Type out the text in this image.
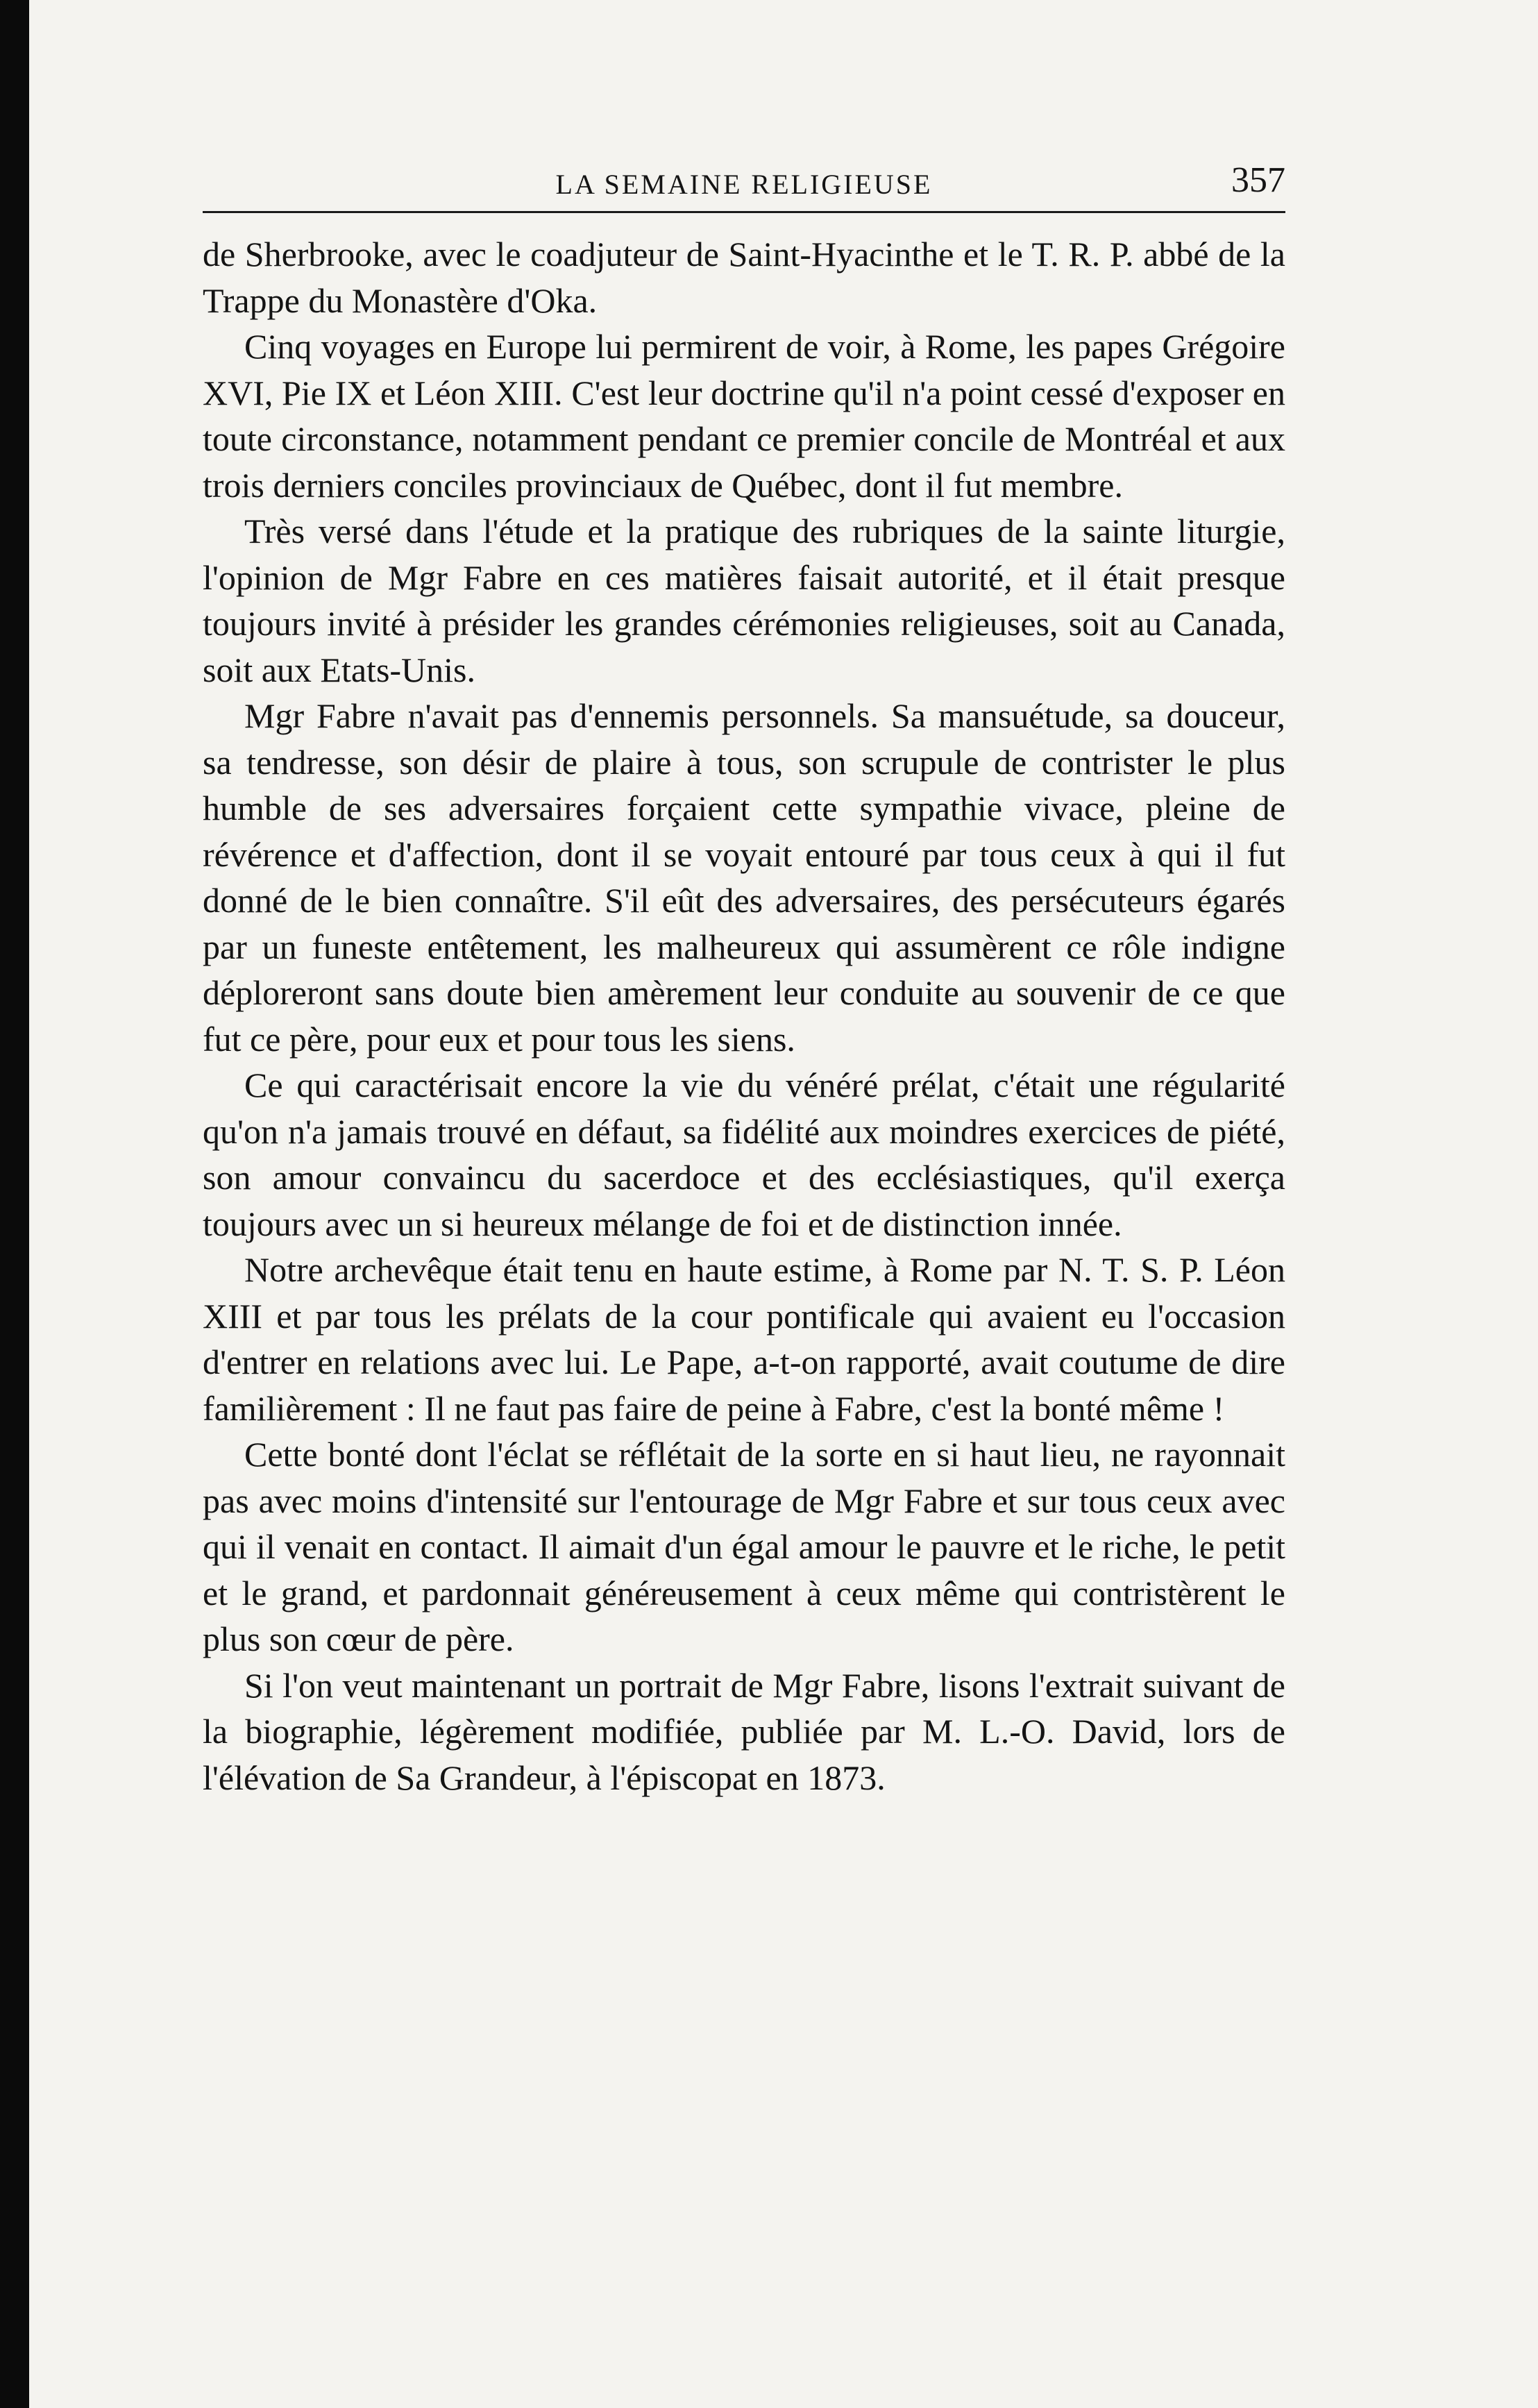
LA SEMAINE RELIGIEUSE	357

de Sherbrooke, avec le coadjuteur de Saint-Hyacinthe et le T. R. P. abbé de la Trappe du Monastère d'Oka.

Cinq voyages en Europe lui permirent de voir, à Rome, les papes Grégoire XVI, Pie IX et Léon XIII. C'est leur doctrine qu'il n'a point cessé d'exposer en toute circonstance, notamment pendant ce premier concile de Montréal et aux trois derniers conciles provinciaux de Québec, dont il fut membre.

Très versé dans l'étude et la pratique des rubriques de la sainte liturgie, l'opinion de Mgr Fabre en ces matières faisait autorité, et il était presque toujours invité à présider les grandes cérémonies religieuses, soit au Canada, soit aux Etats-Unis.

Mgr Fabre n'avait pas d'ennemis personnels. Sa mansuétude, sa douceur, sa tendresse, son désir de plaire à tous, son scrupule de contrister le plus humble de ses adversaires forçaient cette sympathie vivace, pleine de révérence et d'affection, dont il se voyait entouré par tous ceux à qui il fut donné de le bien connaître. S'il eût des adversaires, des persécuteurs égarés par un funeste entêtement, les malheureux qui assumèrent ce rôle indigne déploreront sans doute bien amèrement leur conduite au souvenir de ce que fut ce père, pour eux et pour tous les siens.

Ce qui caractérisait encore la vie du vénéré prélat, c'était une régularité qu'on n'a jamais trouvé en défaut, sa fidélité aux moindres exercices de piété, son amour convaincu du sacerdoce et des ecclésiastiques, qu'il exerça toujours avec un si heureux mélange de foi et de distinction innée.

Notre archevêque était tenu en haute estime, à Rome par N. T. S. P. Léon XIII et par tous les prélats de la cour pontificale qui avaient eu l'occasion d'entrer en relations avec lui. Le Pape, a-t-on rapporté, avait coutume de dire familièrement : Il ne faut pas faire de peine à Fabre, c'est la bonté même !

Cette bonté dont l'éclat se réflétait de la sorte en si haut lieu, ne rayonnait pas avec moins d'intensité sur l'entourage de Mgr Fabre et sur tous ceux avec qui il venait en contact. Il aimait d'un égal amour le pauvre et le riche, le petit et le grand, et pardonnait généreusement à ceux même qui contristèrent le plus son cœur de père.

Si l'on veut maintenant un portrait de Mgr Fabre, lisons l'extrait suivant de la biographie, légèrement modifiée, publiée par M. L.-O. David, lors de l'élévation de Sa Grandeur, à l'épiscopat en 1873.
